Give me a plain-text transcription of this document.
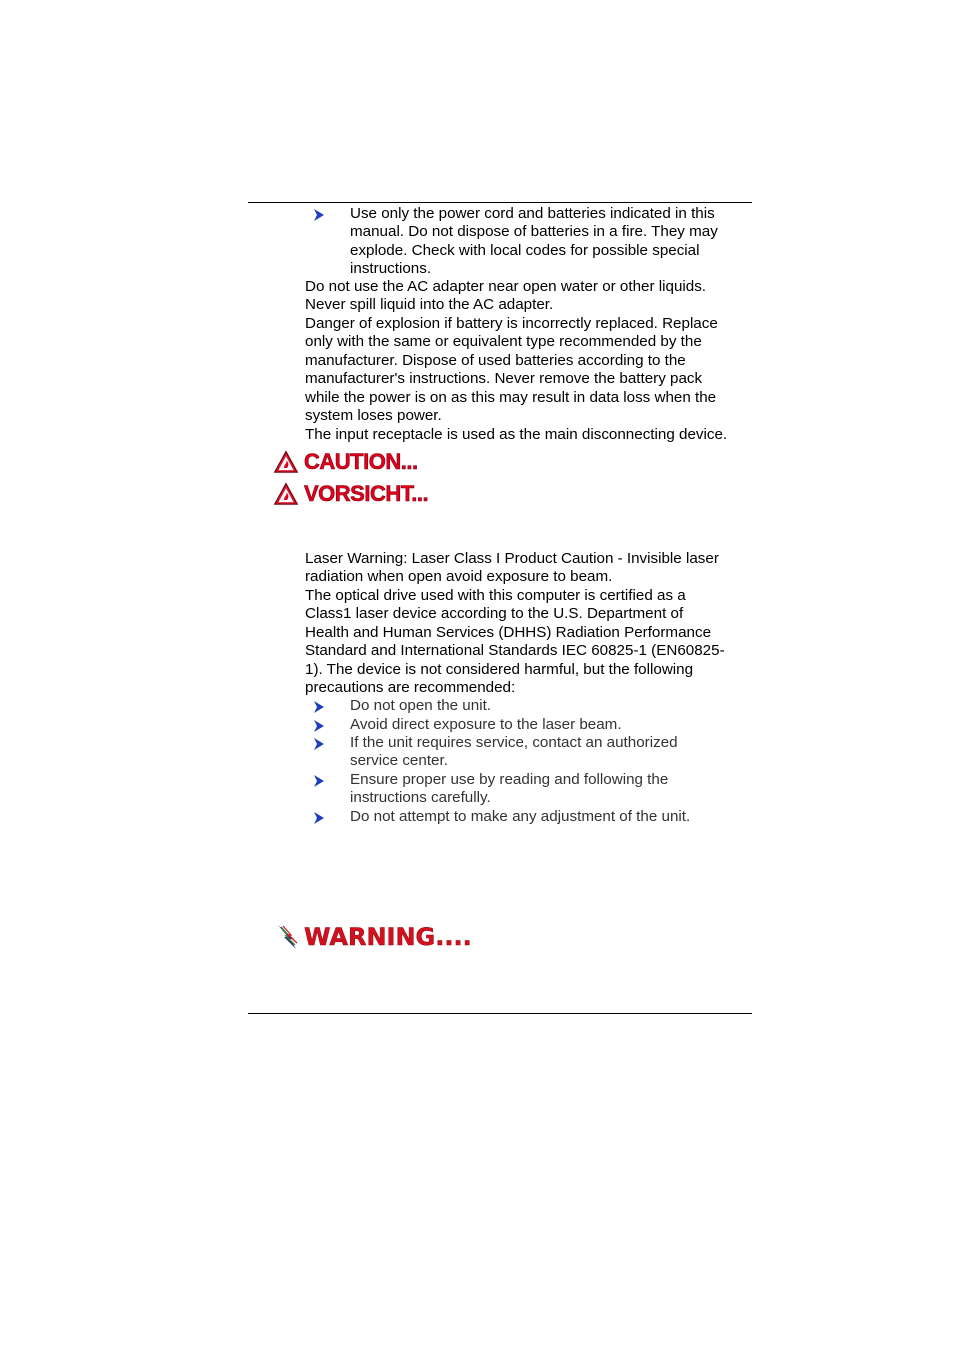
Use only the power cord and batteries indicated in this
manual. Do not dispose of batteries in a fire. They may
explode. Check with local codes for possible special
instructions.
Do not use the AC adapter near open water or other liquids.
Never spill liquid into the AC adapter.
Danger of explosion if battery is incorrectly replaced. Replace
only with the same or equivalent type recommended by the
manufacturer. Dispose of used batteries according to the
manufacturer's instructions. Never remove the battery pack
while the power is on as this may result in data loss when the
system loses power.
The input receptacle is used as the main disconnecting device.
CAUTION...
VORSICHT...
Laser Warning: Laser Class I Product Caution - Invisible laser
radiation when open avoid exposure to beam.
The optical drive used with this computer is certified as a
Class1 laser device according to the U.S. Department of
Health and Human Services (DHHS) Radiation Performance
Standard and International Standards IEC 60825-1 (EN60825-
1). The device is not considered harmful, but the following
precautions are recommended:
Do not open the unit.
Avoid direct exposure to the laser beam.
If the unit requires service, contact an authorized
service center.
Ensure proper use by reading and following the
instructions carefully.
Do not attempt to make any adjustment of the unit.
WARNING....
